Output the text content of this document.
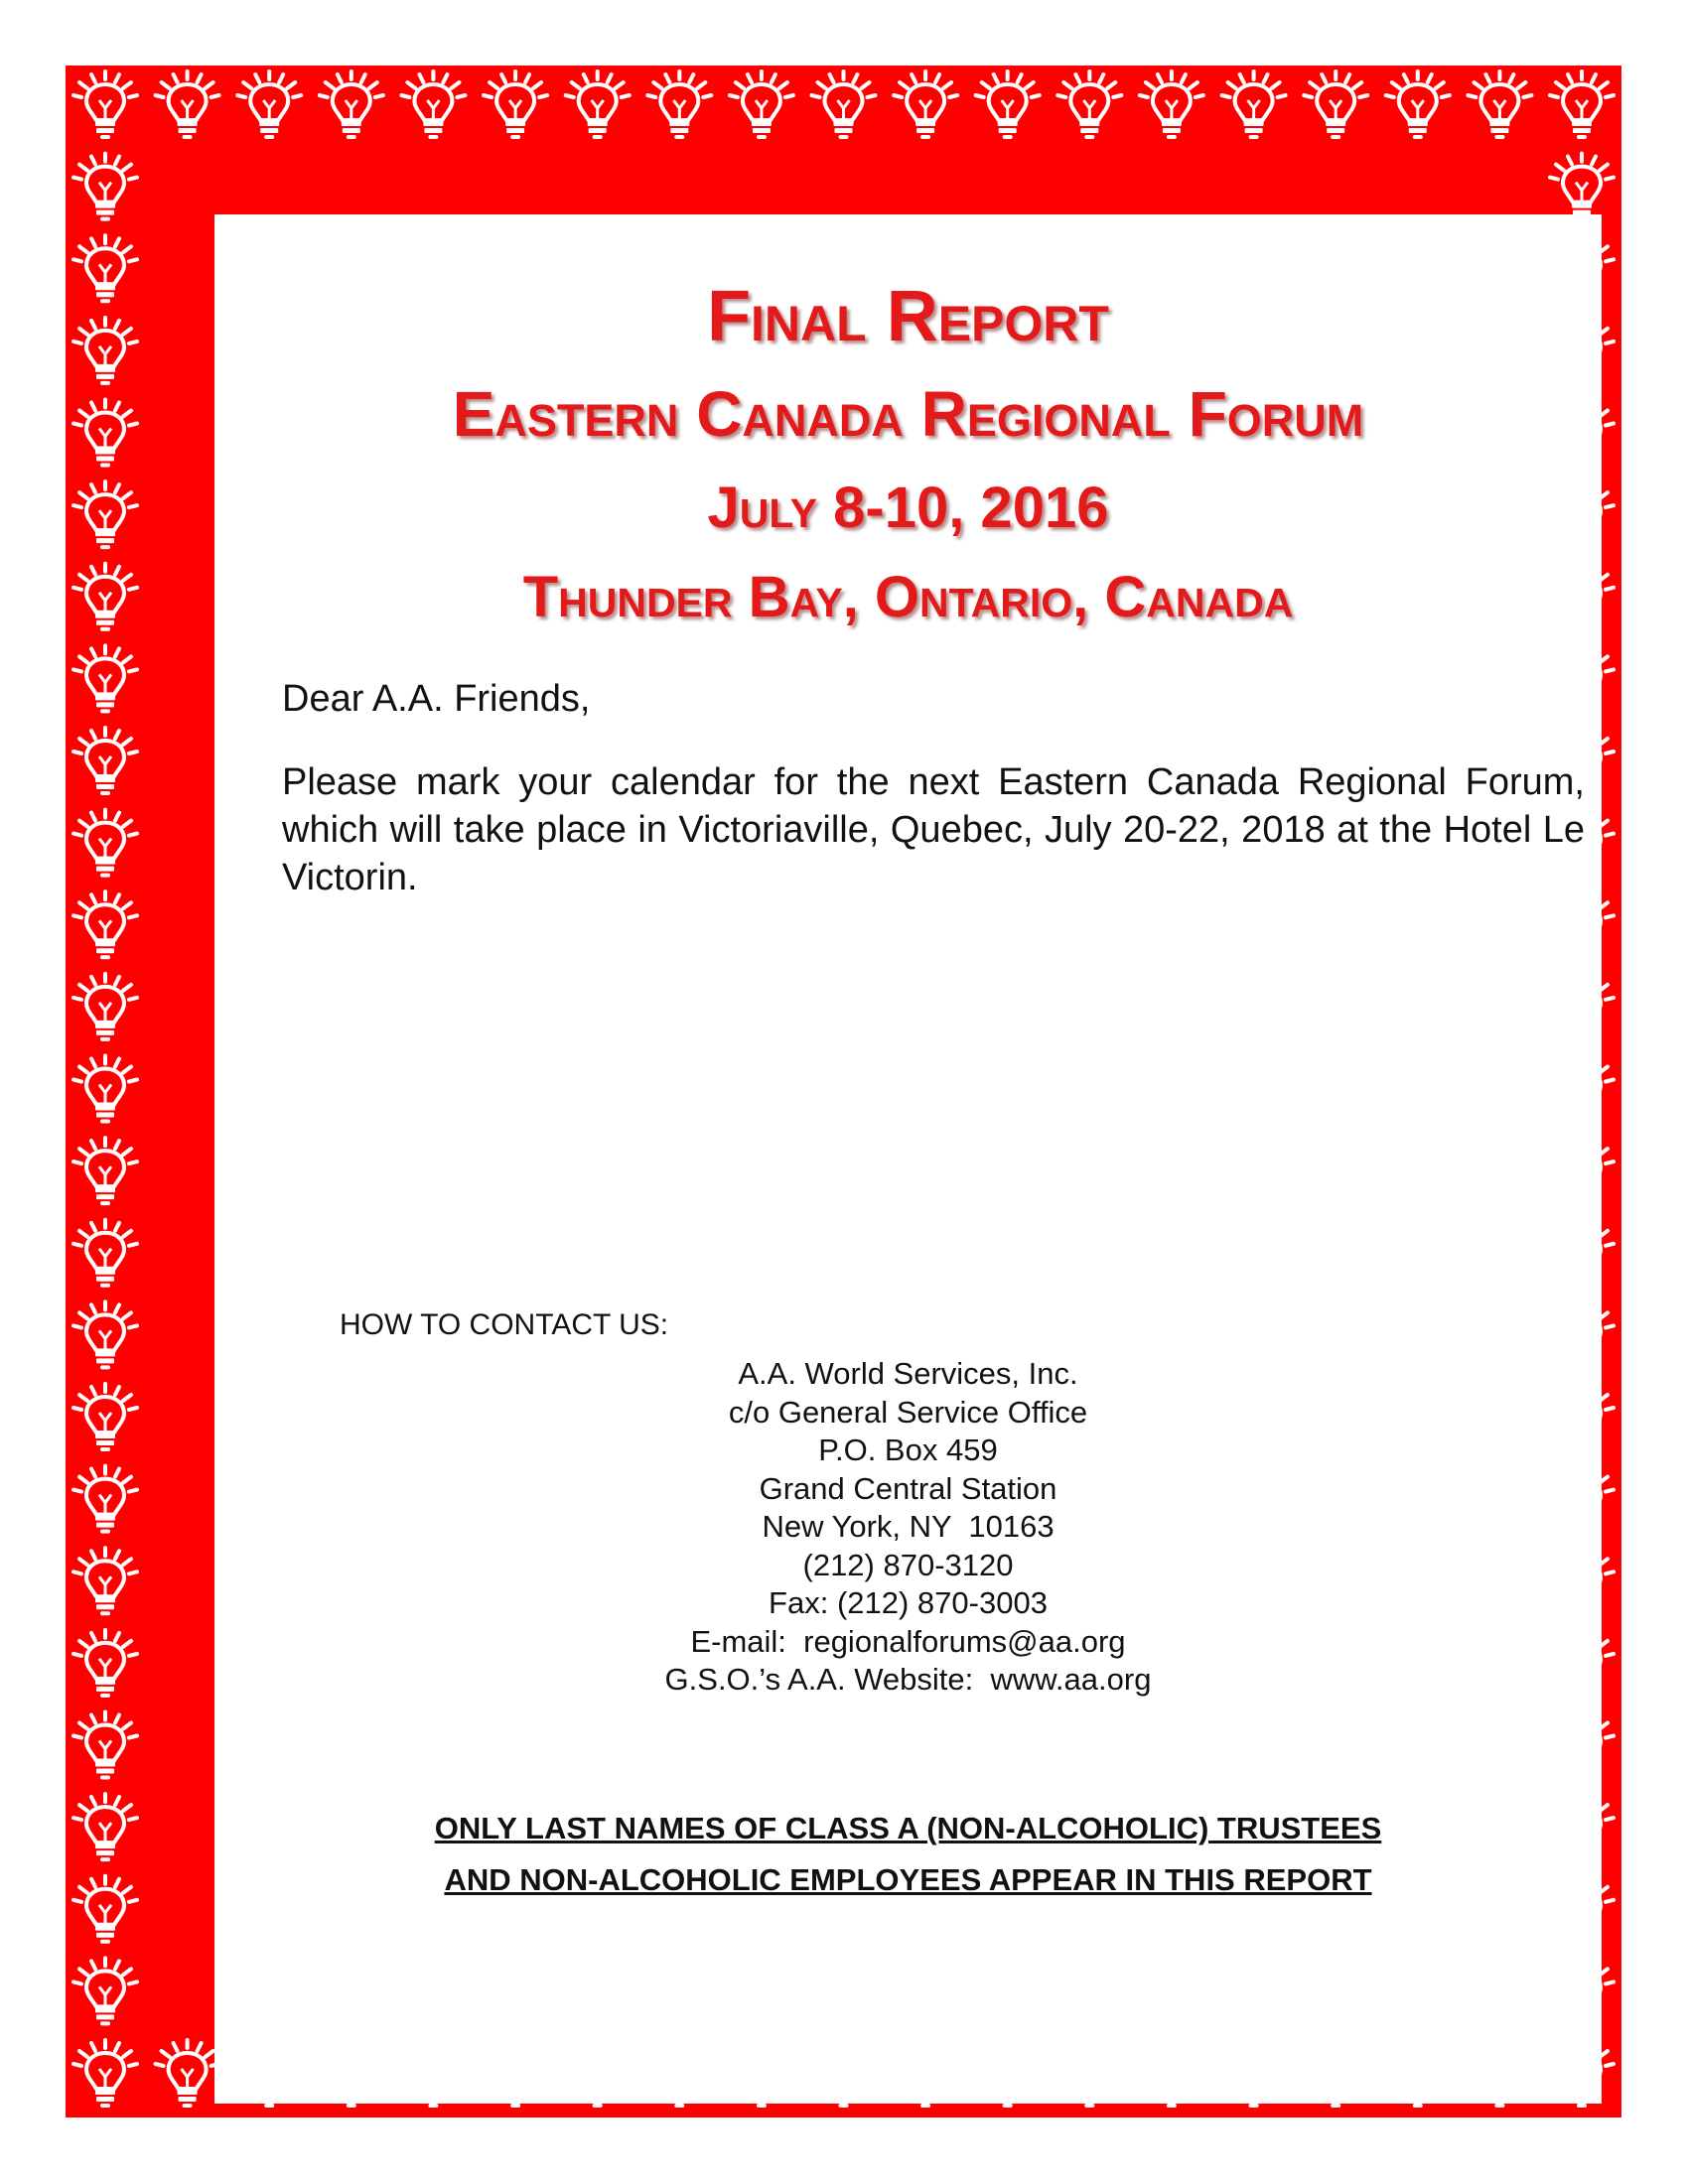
Final Report
Eastern Canada Regional Forum
July 8-10, 2016
Thunder Bay, Ontario, Canada

Dear A.A. Friends,

Please mark your calendar for the next Eastern Canada Regional Forum, which will take place in Victoriaville, Quebec, July 20-22, 2018 at the Hotel Le Victorin.

HOW TO CONTACT US:

A.A. World Services, Inc.
c/o General Service Office
P.O. Box 459
Grand Central Station
New York, NY  10163
(212) 870-3120
Fax: (212) 870-3003
E-mail:  regionalforums@aa.org
G.S.O.’s A.A. Website:  www.aa.org
ONLY LAST NAMES OF CLASS A (NON-ALCOHOLIC) TRUSTEES
AND NON-ALCOHOLIC EMPLOYEES APPEAR IN THIS REPORT
